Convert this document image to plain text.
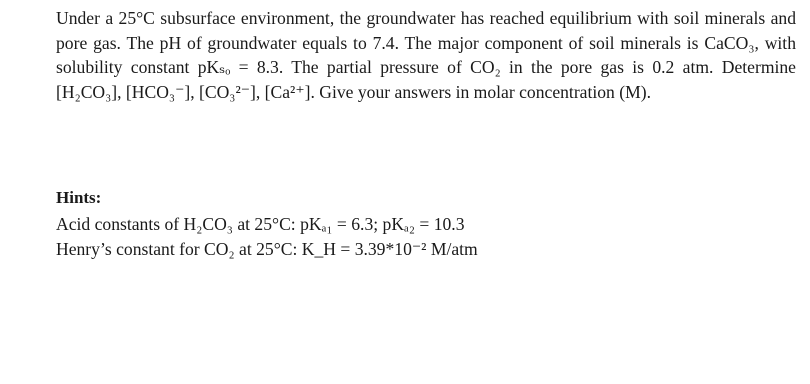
Under a 25°C subsurface environment, the groundwater has reached equilibrium with soil minerals and pore gas. The pH of groundwater equals to 7.4. The major component of soil minerals is CaCO₃, with solubility constant pKₛₒ = 8.3. The partial pressure of CO₂ in the pore gas is 0.2 atm. Determine [H₂CO₃], [HCO₃⁻], [CO₃²⁻], [Ca²⁺]. Give your answers in molar concentration (M).
Hints:
Acid constants of H₂CO₃ at 25°C: pKₐ₁ = 6.3; pKₐ₂ = 10.3
Henry’s constant for CO₂ at 25°C: K_H = 3.39*10⁻² M/atm
